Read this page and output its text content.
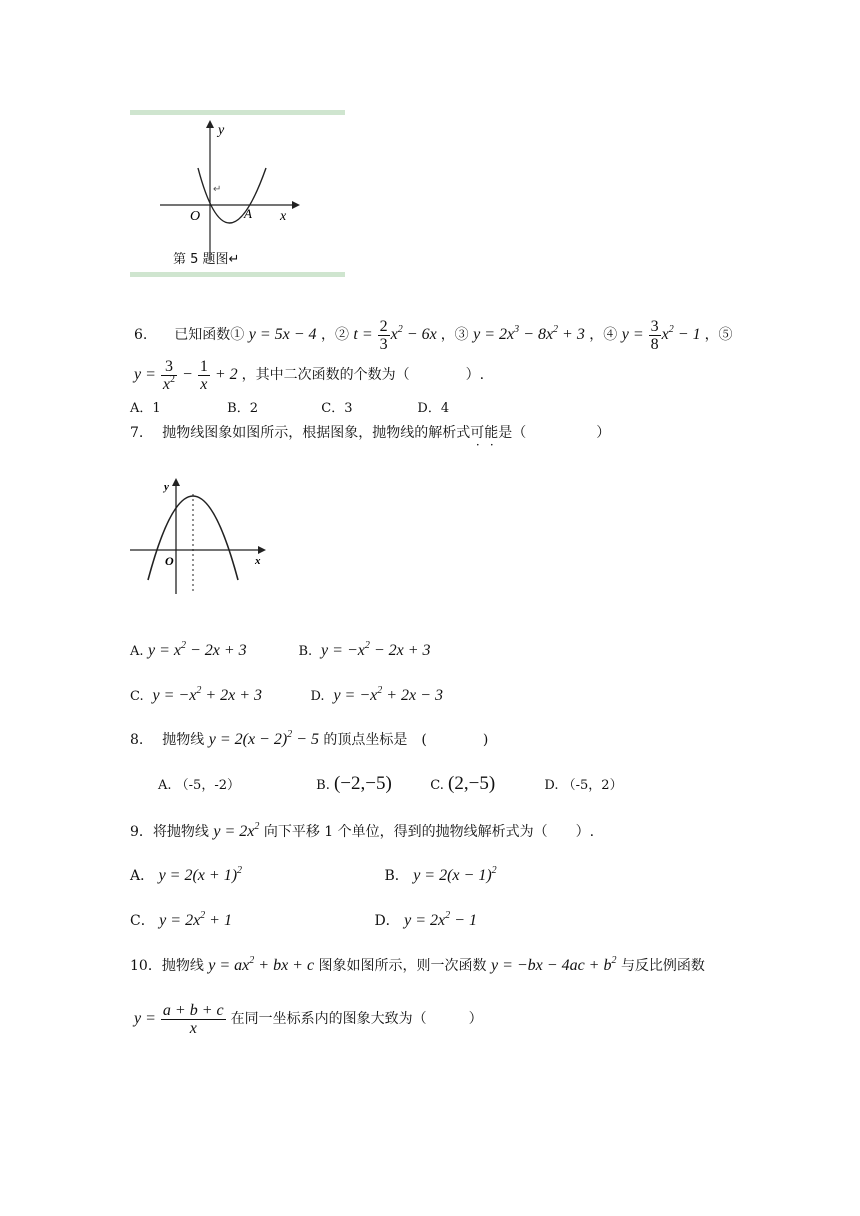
y
O	A x
↵
第 5 题图↵
6. 已知函数① y = 5x − 4 ，② $t = \frac{2}{3} x^2 - 6x$ ，③ $y = 2x^3 - 8x^2 + 3$ ，④ $y = \frac{3}{8} x^2 - 1$ ，⑤
$y = \frac{3}{x^2} - \frac{1}{x} + 2$ ，其中二次函数的个数为（　　　　）.
A．1	B．2	C．3	D．4
7. 抛物线图象如图所示，根据图象，抛物线的解析式可能是（　　　　　）
y
O	x
A. $y = x^2 - 2x + 3$	B. $y = -x^2 - 2x + 3$
C. $y = -x^2 + 2x + 3$	D. $y = -x^2 + 2x - 3$
8. 抛物线 $y = 2(x - 2)^2 - 5$ 的顶点坐标是　(　　　　)
A. （-5，-2）	B. (−2,−5)	C. (2,−5)	D. （-5，2）
9．将抛物线 $y = 2x^2$ 向下平移 1 个单位，得到的抛物线解析式为（　　）.
A． $y = 2(x + 1)^2$	B． $y = 2(x - 1)^2$
C． $y = 2x^2 + 1$	D． $y = 2x^2 - 1$
10．抛物线 $y = ax^2$ + bx + c 图象如图所示，则一次函数 $y = -bx - 4ac + b^2$ 与反比例函数
$y = \frac{a + b + c}{x}$ 在同一坐标系内的图象大致为（　　　）
